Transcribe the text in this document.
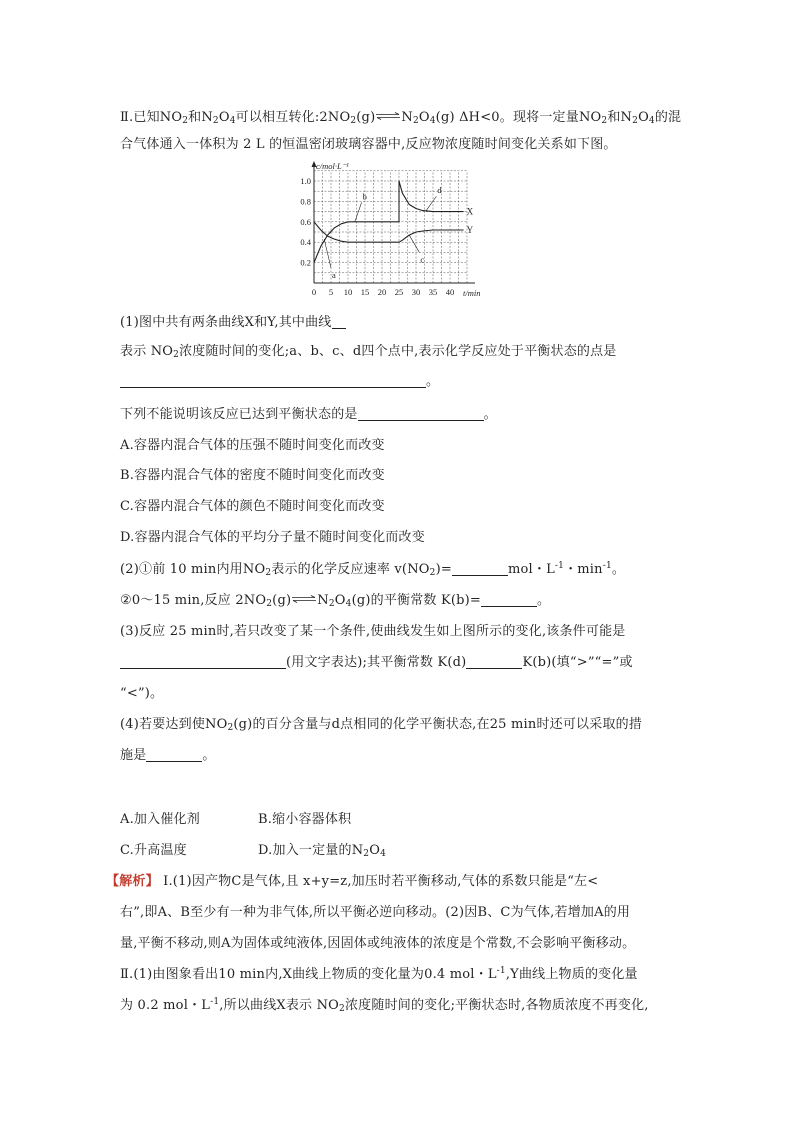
Ⅱ.已知$NO_2$和$N_2O_4$可以相互转化$:2NO_2(g)\rightleftharpoons N_2O_4(g)$ ΔH<0。现将一定量$NO_2$和$N_2O_4$的混
合气体通入一体积为 2 L 的恒温密闭玻璃容器中,反应物浓度随时间变化关系如下图。
0.2
0.4
0.6
0.8
1.0
0 5 10 15 20 25 30 35 40
c/mol·L⁻¹
t/min
a
b
c
d
X
Y
(1)图中共有两条曲线X和Y,其中曲线
表示 $NO_2$浓度随时间的变化;a、b、c、d四个点中,表示化学反应处于平衡状态的点是
。
下列不能说明该反应已达到平衡状态的是	。
A.容器内混合气体的压强不随时间变化而改变
B.容器内混合气体的密度不随时间变化而改变
C.容器内混合气体的颜色不随时间变化而改变
D.容器内混合气体的平均分子量不随时间变化而改变
(2)①前 10 min内用$NO_2$表示的化学反应速率 $v(NO_2)=$	mol・$L^{-1}$・$\min^{-1}$。
②0～15 min,反应 $2NO_2(g)\rightleftharpoons N_2O_4(g)$的平衡常数 K(b)=	。
(3)反应 25 min时,若只改变了某一个条件,使曲线发生如上图所示的变化,该条件可能是
(用文字表达);其平衡常数 K(d)	K(b)(填“>”“=”或
“<”)。
(4)若要达到使$NO_2(g)$的百分含量与d点相同的化学平衡状态,在25 min时还可以采取的措
施是	。
A.加入催化剂	B.缩小容器体积
C.升高温度	D.加入一定量的$N_2O_4$
【解析】 Ⅰ.(1)因产物C是气体,且 x+y=z,加压时若平衡移动,气体的系数只能是“左<
右”,即A、B至少有一种为非气体,所以平衡必逆向移动。(2)因B、C为气体,若增加A的用
量,平衡不移动,则A为固体或纯液体,因固体或纯液体的浓度是个常数,不会影响平衡移动。
Ⅱ.(1)由图象看出10 min内,X曲线上物质的变化量为0.4 mol・$L^{-1},Y$曲线上物质的变化量
为 0.2 mol・$L^{-1}$,所以曲线X表示 $NO_2$浓度随时间的变化;平衡状态时,各物质浓度不再变化,
